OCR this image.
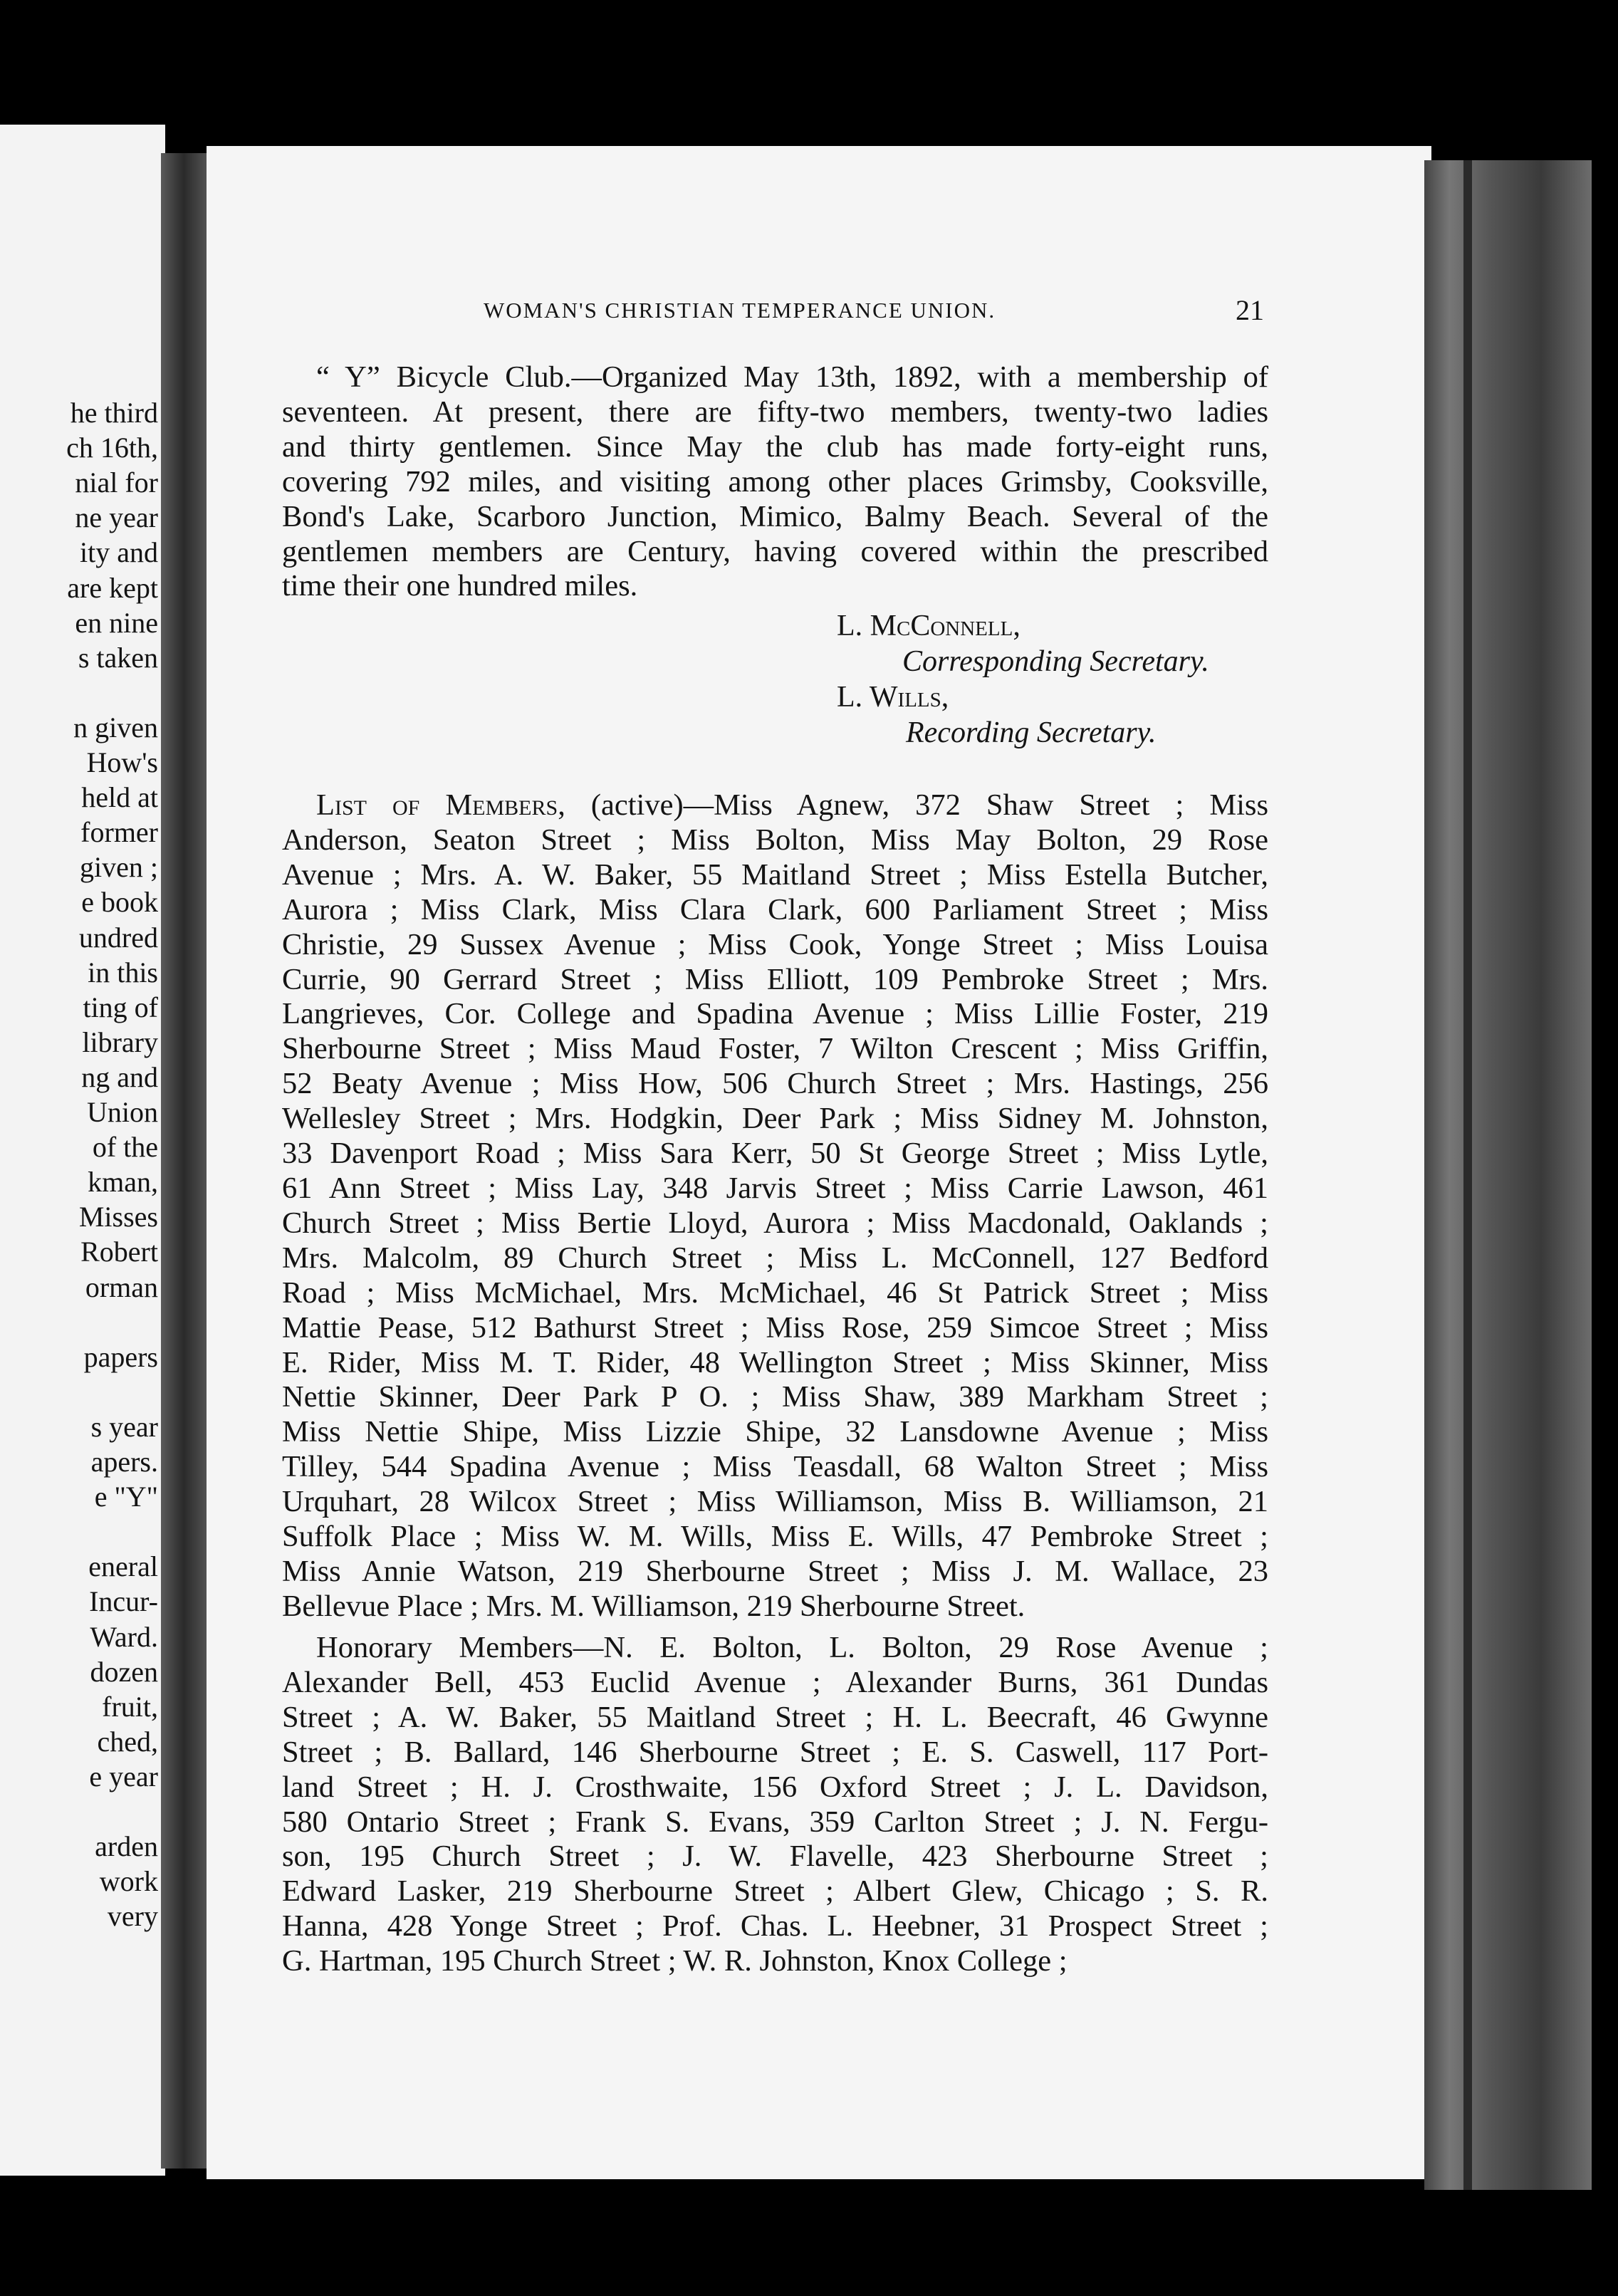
he third
ch 16th,
nial for
ne year
ity and
are kept
en nine
s taken
n given
How's
held at
former
given ;
e book
undred
in this
ting of
library
ng and
Union
of the
kman,
Misses
Robert
orman
papers
s year
apers.
e "Y"
eneral
Incur-
Ward.
dozen
fruit,
ched,
e year
arden
work
very
WOMAN'S CHRISTIAN TEMPERANCE UNION.	21
“ Y” Bicycle Club.—Organized May 13th, 1892, with a membership of
seventeen. At present, there are fifty-two members, twenty-two ladies
and thirty gentlemen. Since May the club has made forty-eight runs,
covering 792 miles, and visiting among other places Grimsby, Cooksville,
Bond's Lake, Scarboro Junction, Mimico, Balmy Beach. Several of the
gentlemen members are Century, having covered within the prescribed
time their one hundred miles.
L. McConnell,
Corresponding Secretary.
L. Wills,
Recording Secretary.
List of Members, (active)—Miss Agnew, 372 Shaw Street ; Miss
Anderson, Seaton Street ; Miss Bolton, Miss May Bolton, 29 Rose
Avenue ; Mrs. A. W. Baker, 55 Maitland Street ; Miss Estella Butcher,
Aurora ; Miss Clark, Miss Clara Clark, 600 Parliament Street ; Miss
Christie, 29 Sussex Avenue ; Miss Cook, Yonge Street ; Miss Louisa
Currie, 90 Gerrard Street ; Miss Elliott, 109 Pembroke Street ; Mrs.
Langrieves, Cor. College and Spadina Avenue ; Miss Lillie Foster, 219
Sherbourne Street ; Miss Maud Foster, 7 Wilton Crescent ; Miss Griffin,
52 Beaty Avenue ; Miss How, 506 Church Street ; Mrs. Hastings, 256
Wellesley Street ; Mrs. Hodgkin, Deer Park ; Miss Sidney M. Johnston,
33 Davenport Road ; Miss Sara Kerr, 50 St George Street ; Miss Lytle,
61 Ann Street ; Miss Lay, 348 Jarvis Street ; Miss Carrie Lawson, 461
Church Street ; Miss Bertie Lloyd, Aurora ; Miss Macdonald, Oaklands ;
Mrs. Malcolm, 89 Church Street ; Miss L. McConnell, 127 Bedford
Road ; Miss McMichael, Mrs. McMichael, 46 St Patrick Street ; Miss
Mattie Pease, 512 Bathurst Street ; Miss Rose, 259 Simcoe Street ; Miss
E. Rider, Miss M. T. Rider, 48 Wellington Street ; Miss Skinner, Miss
Nettie Skinner, Deer Park P O. ; Miss Shaw, 389 Markham Street ;
Miss Nettie Shipe, Miss Lizzie Shipe, 32 Lansdowne Avenue ; Miss
Tilley, 544 Spadina Avenue ; Miss Teasdall, 68 Walton Street ; Miss
Urquhart, 28 Wilcox Street ; Miss Williamson, Miss B. Williamson, 21
Suffolk Place ; Miss W. M. Wills, Miss E. Wills, 47 Pembroke Street ;
Miss Annie Watson, 219 Sherbourne Street ; Miss J. M. Wallace, 23
Bellevue Place ; Mrs. M. Williamson, 219 Sherbourne Street.
Honorary Members—N. E. Bolton, L. Bolton, 29 Rose Avenue ;
Alexander Bell, 453 Euclid Avenue ; Alexander Burns, 361 Dundas
Street ; A. W. Baker, 55 Maitland Street ; H. L. Beecraft, 46 Gwynne
Street ; B. Ballard, 146 Sherbourne Street ; E. S. Caswell, 117 Port-
land Street ; H. J. Crosthwaite, 156 Oxford Street ; J. L. Davidson,
580 Ontario Street ; Frank S. Evans, 359 Carlton Street ; J. N. Fergu-
son, 195 Church Street ; J. W. Flavelle, 423 Sherbourne Street ;
Edward Lasker, 219 Sherbourne Street ; Albert Glew, Chicago ; S. R.
Hanna, 428 Yonge Street ; Prof. Chas. L. Heebner, 31 Prospect Street ;
G. Hartman, 195 Church Street ; W. R. Johnston, Knox College ;
